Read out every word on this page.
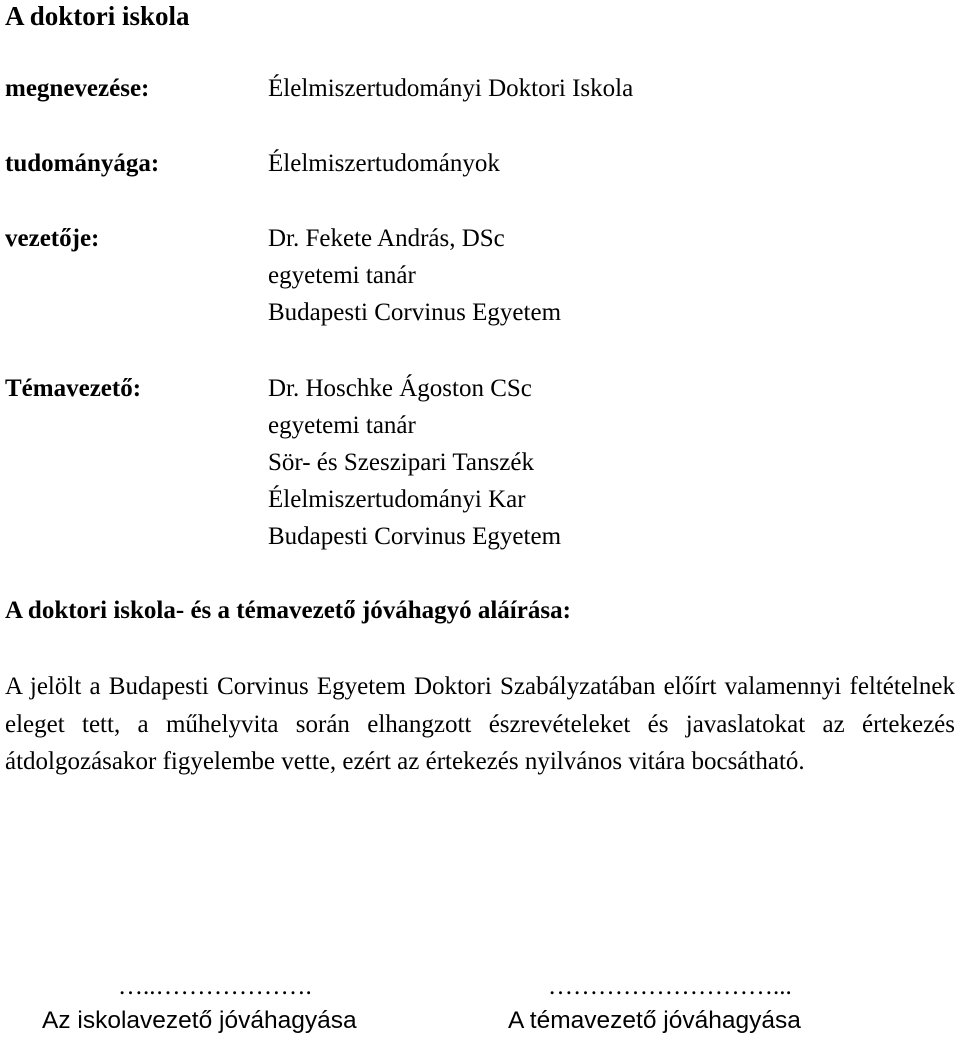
A doktori iskola
megnevezése:	Élelmiszertudományi Doktori Iskola
tudományága:	Élelmiszertudományok
vezetője:	Dr. Fekete András, DSc
egyetemi tanár
Budapesti Corvinus Egyetem
Témavezető:	Dr. Hoschke Ágoston CSc
egyetemi tanár
Sör- és Szeszipari Tanszék
Élelmiszertudományi Kar
Budapesti Corvinus Egyetem
A doktori iskola- és a témavezető jóváhagyó aláírása:
A jelölt a Budapesti Corvinus Egyetem Doktori Szabályzatában előírt valamennyi feltételnek eleget tett, a műhelyvita során elhangzott észrevételeket és javaslatokat az értekezés átdolgozásakor figyelembe vette, ezért az értekezés nyilvános vitára bocsátható.
…..……………….
Az iskolavezető jóváhagyása
………………………...
A témavezető jóváhagyása
